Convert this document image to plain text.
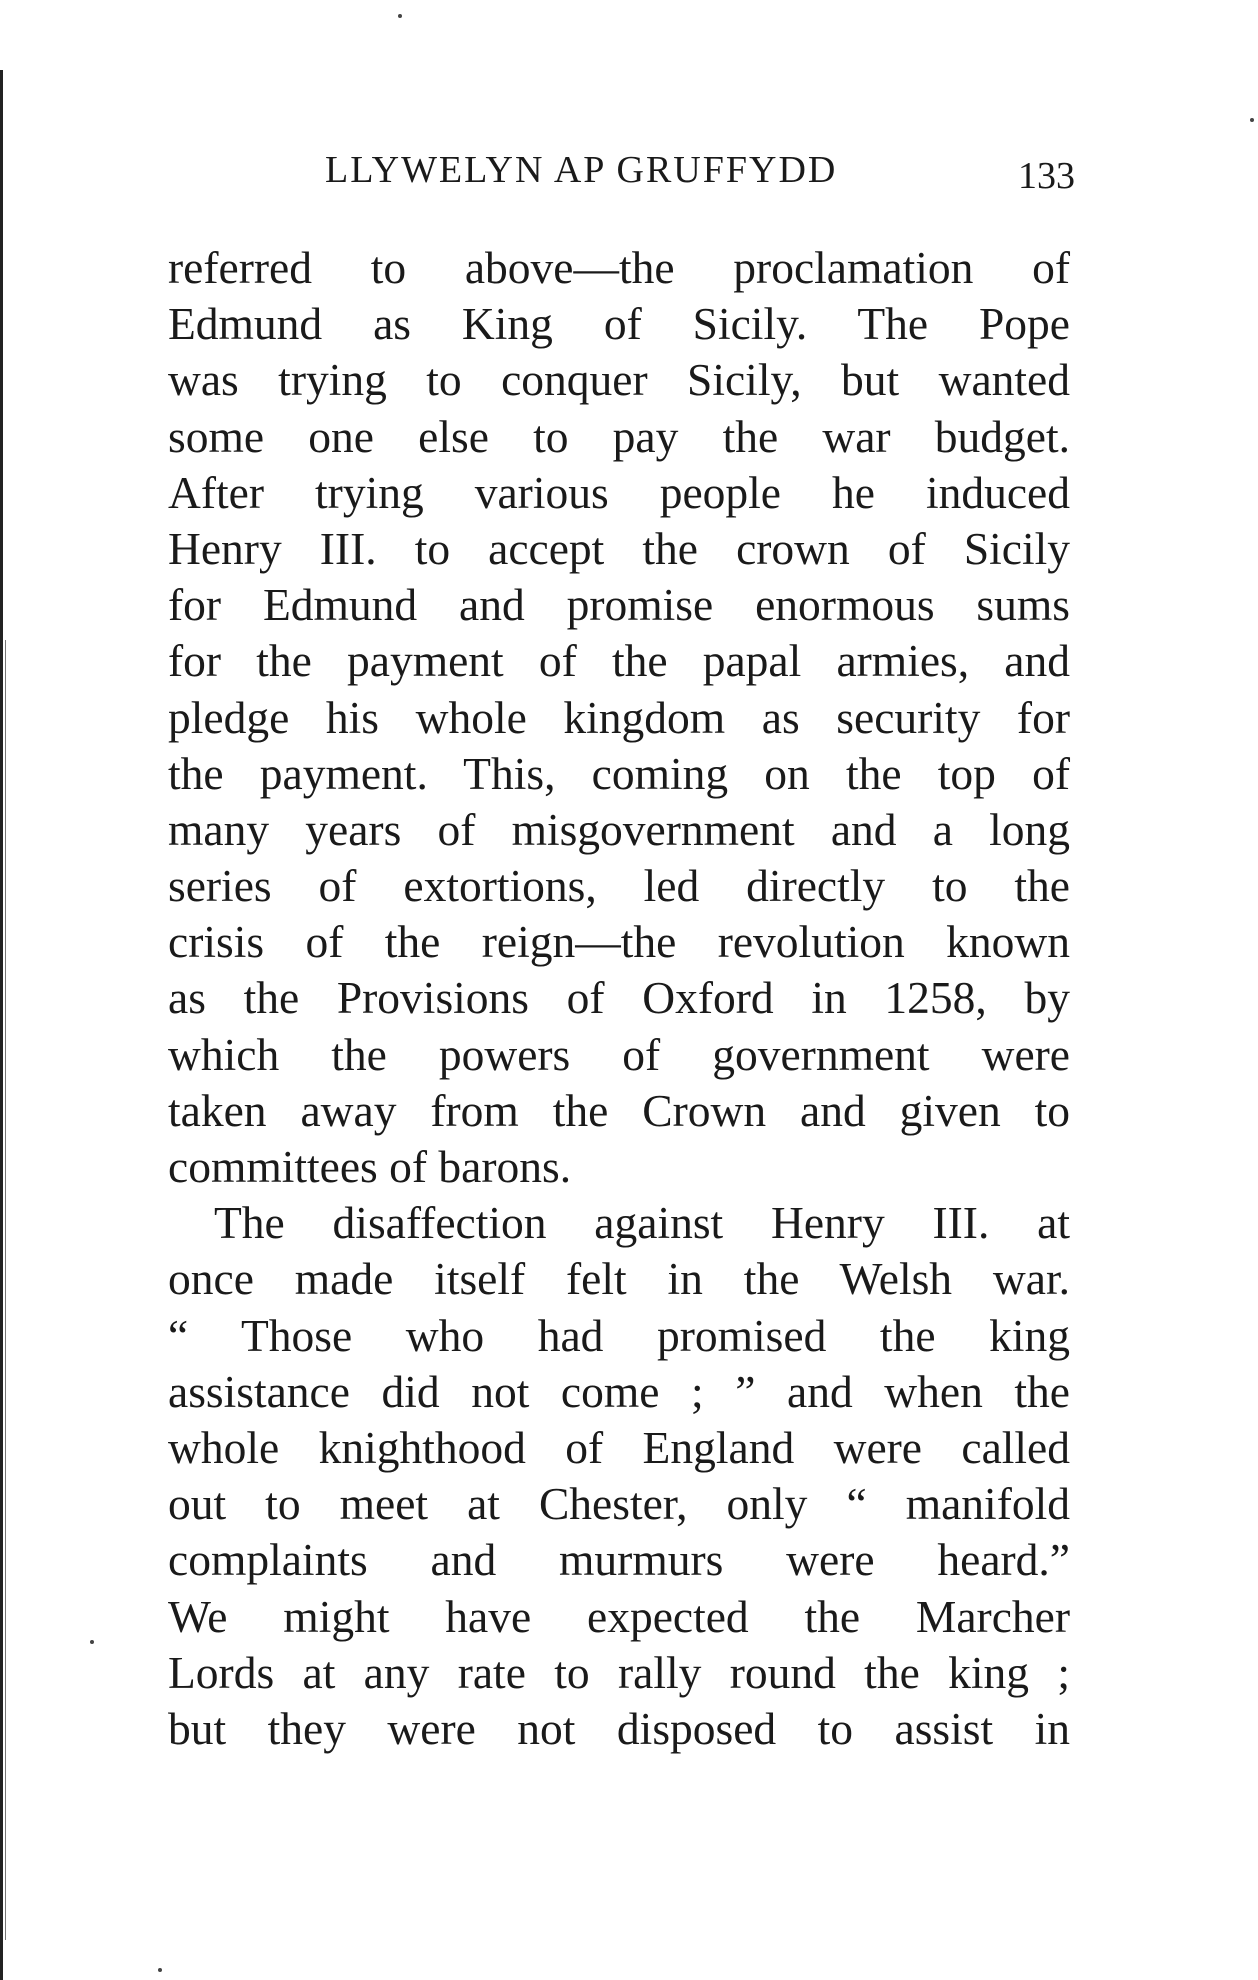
LLYWELYN AP GRUFFYDD	133
referred to above—the proclamation of
Edmund as King of Sicily. The Pope
was trying to conquer Sicily, but wanted
some one else to pay the war budget.
After trying various people he induced
Henry III. to accept the crown of Sicily
for Edmund and promise enormous sums
for the payment of the papal armies, and
pledge his whole kingdom as security for
the payment. This, coming on the top of
many years of misgovernment and a long
series of extortions, led directly to the
crisis of the reign—the revolution known
as the Provisions of Oxford in 1258, by
which the powers of government were
taken away from the Crown and given to
committees of barons.
The disaffection against Henry III. at
once made itself felt in the Welsh war.
“ Those who had promised the king
assistance did not come ; ” and when the
whole knighthood of England were called
out to meet at Chester, only “ manifold
complaints and murmurs were heard.”
We might have expected the Marcher
Lords at any rate to rally round the king ;
but they were not disposed to assist in
